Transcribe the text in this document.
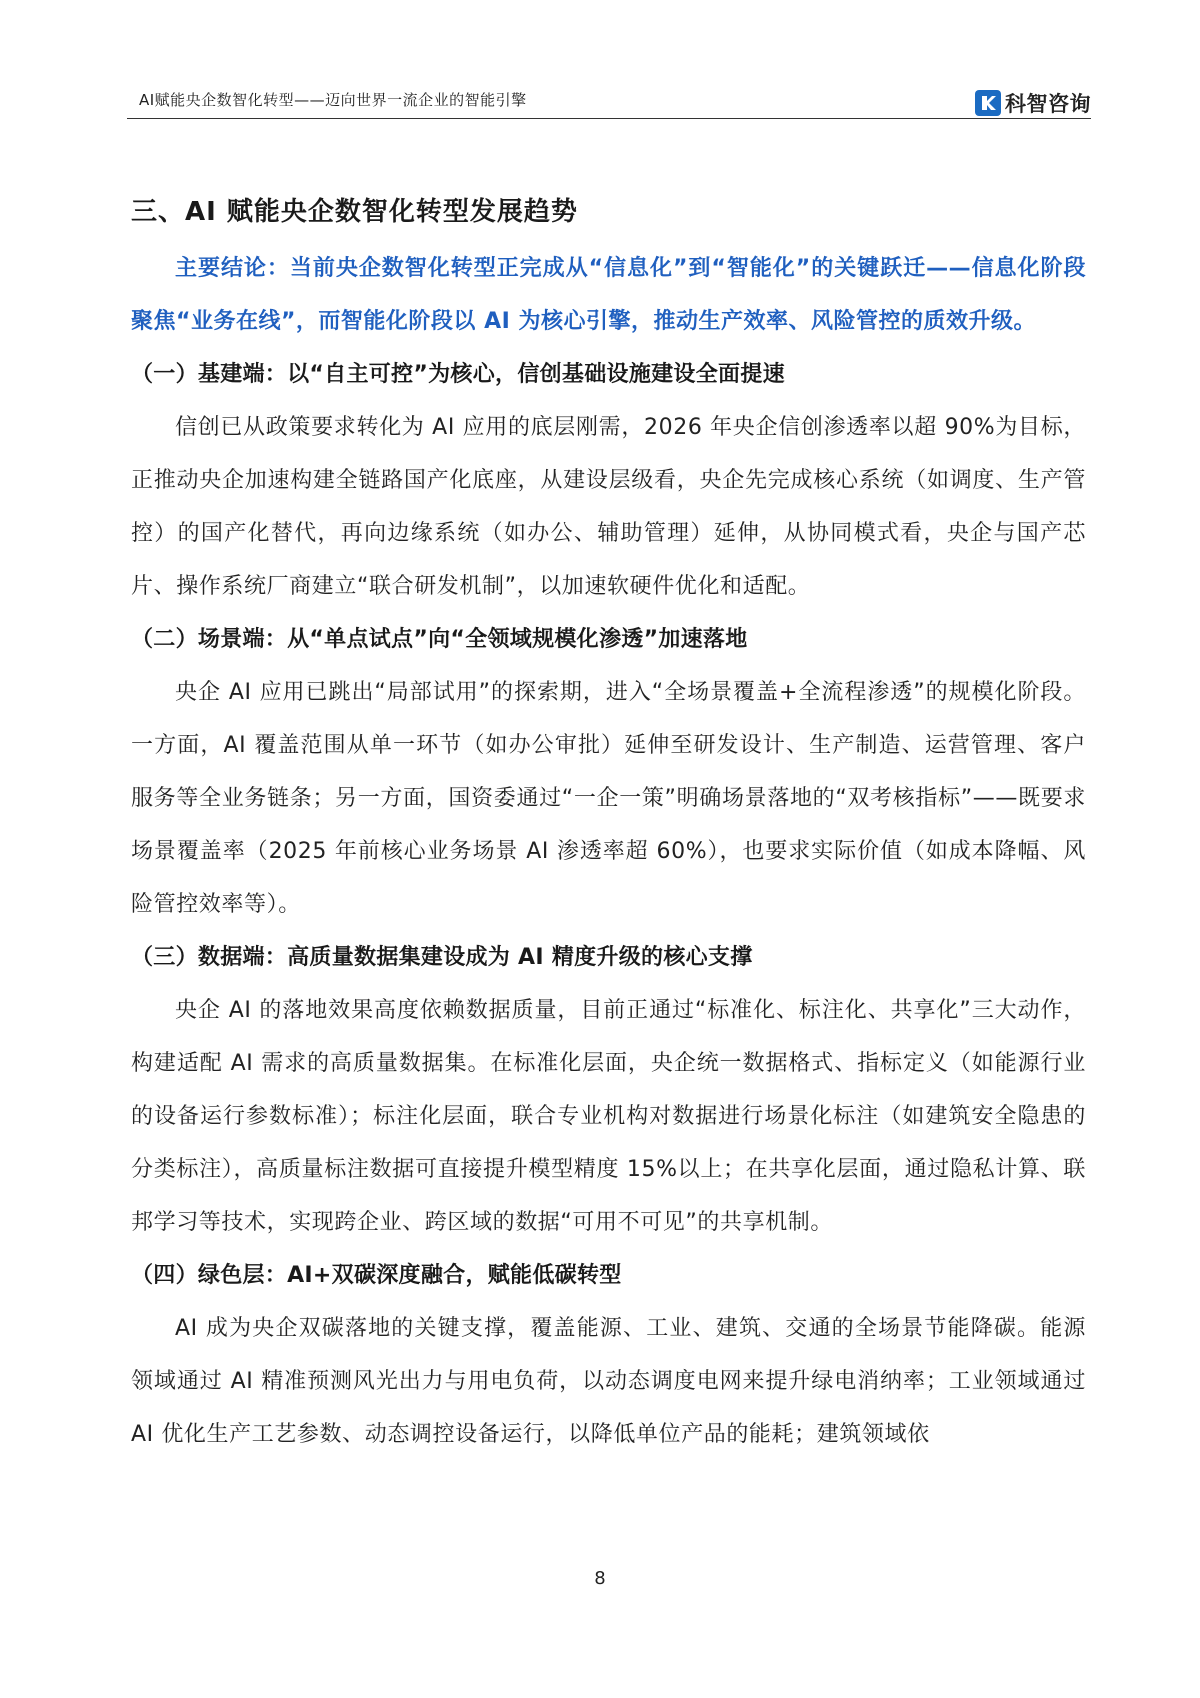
AI赋能央企数智化转型——迈向世界一流企业的智能引擎	科智咨询
三、AI 赋能央企数智化转型发展趋势

主要结论：当前央企数智化转型正完成从“信息化”到“智能化”的关键跃迁——信息化阶段聚焦“业务在线”，而智能化阶段以 AI 为核心引擎，推动生产效率、风险管控的质效升级。

（一）基建端：以“自主可控”为核心，信创基础设施建设全面提速

信创已从政策要求转化为 AI 应用的底层刚需，2026 年央企信创渗透率以超 90%为目标，正推动央企加速构建全链路国产化底座，从建设层级看，央企先完成核心系统（如调度、生产管控）的国产化替代，再向边缘系统（如办公、辅助管理）延伸，从协同模式看，央企与国产芯片、操作系统厂商建立“联合研发机制”，以加速软硬件优化和适配。

（二）场景端：从“单点试点”向“全领域规模化渗透”加速落地

央企 AI 应用已跳出“局部试用”的探索期，进入“全场景覆盖+全流程渗透”的规模化阶段。一方面，AI 覆盖范围从单一环节（如办公审批）延伸至研发设计、生产制造、运营管理、客户服务等全业务链条；另一方面，国资委通过“一企一策”明确场景落地的“双考核指标”——既要求场景覆盖率（2025 年前核心业务场景 AI 渗透率超 60%），也要求实际价值（如成本降幅、风险管控效率等）。

（三）数据端：高质量数据集建设成为 AI 精度升级的核心支撑

央企 AI 的落地效果高度依赖数据质量，目前正通过“标准化、标注化、共享化”三大动作，构建适配 AI 需求的高质量数据集。在标准化层面，央企统一数据格式、指标定义（如能源行业的设备运行参数标准）；标注化层面，联合专业机构对数据进行场景化标注（如建筑安全隐患的分类标注），高质量标注数据可直接提升模型精度 15%以上；在共享化层面，通过隐私计算、联邦学习等技术，实现跨企业、跨区域的数据“可用不可见”的共享机制。

（四）绿色层：AI+双碳深度融合，赋能低碳转型

AI 成为央企双碳落地的关键支撑，覆盖能源、工业、建筑、交通的全场景节能降碳。能源领域通过 AI 精准预测风光出力与用电负荷，以动态调度电网来提升绿电消纳率；工业领域通过 AI 优化生产工艺参数、动态调控设备运行，以降低单位产品的能耗；建筑领域依

8
